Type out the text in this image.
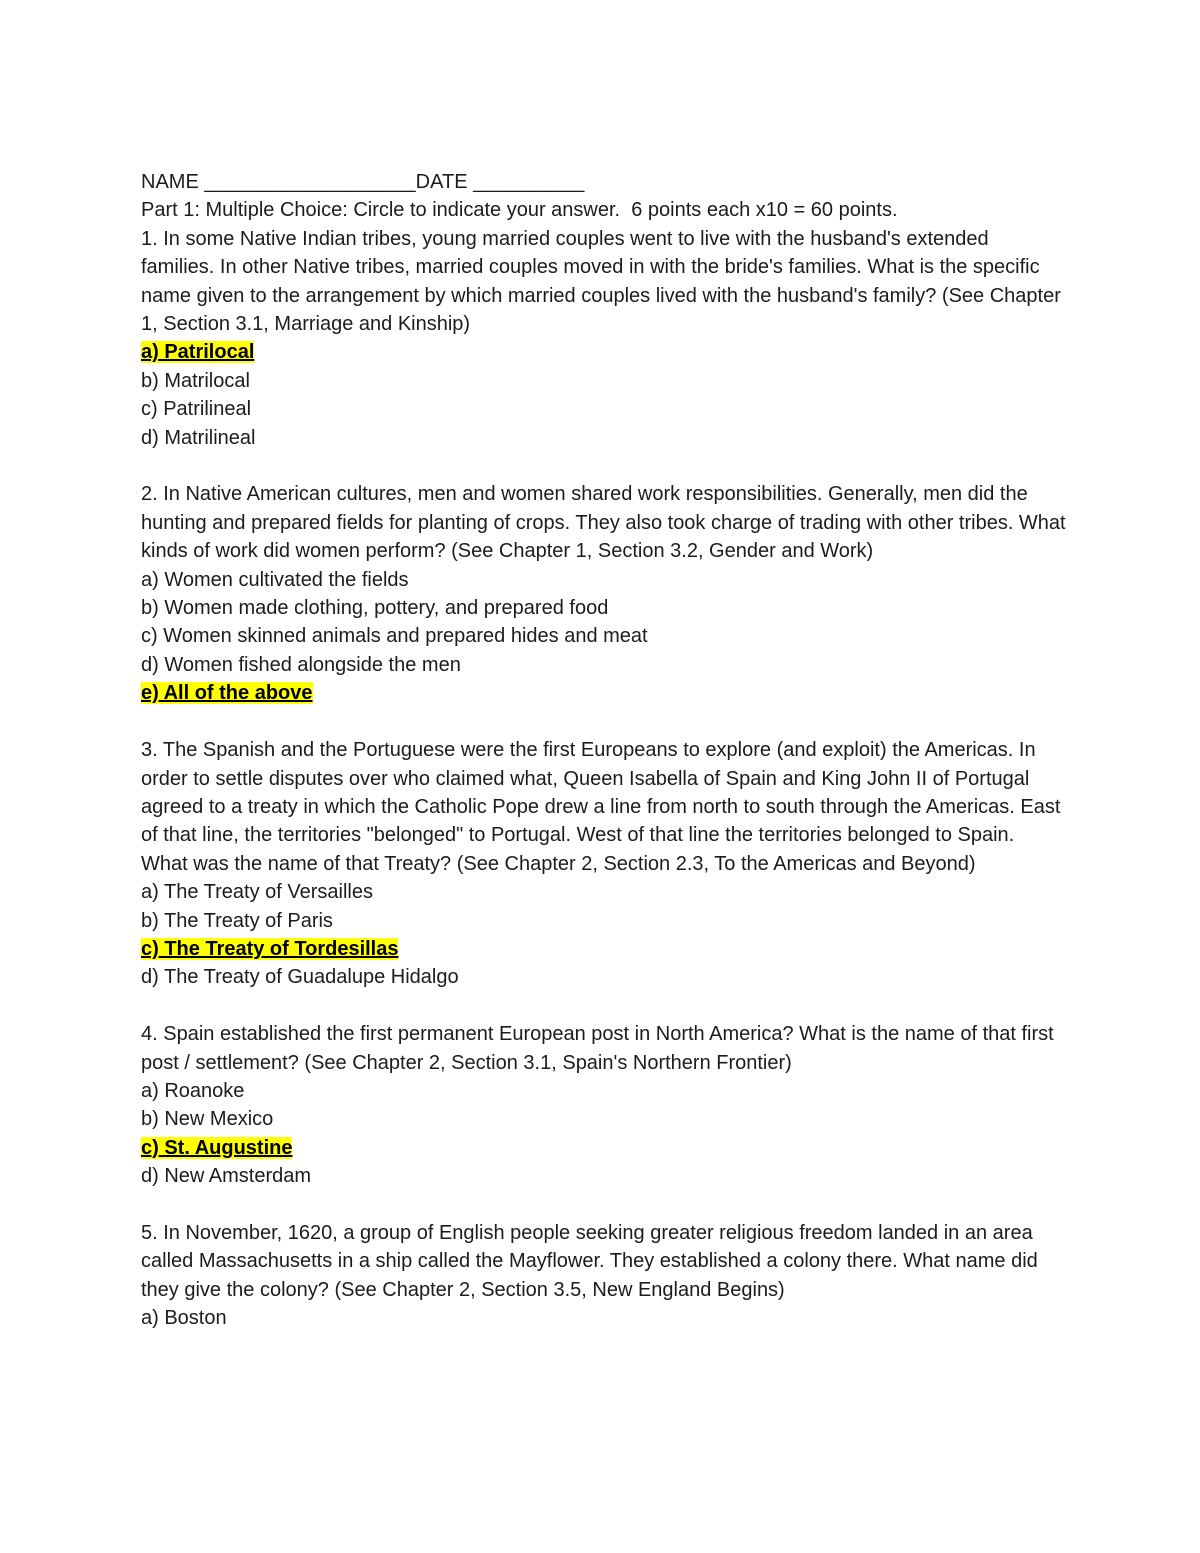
NAME ___________________DATE __________
Part 1: Multiple Choice: Circle to indicate your answer.  6 points each x10 = 60 points.
1. In some Native Indian tribes, young married couples went to live with the husband's extended families. In other Native tribes, married couples moved in with the bride's families. What is the specific name given to the arrangement by which married couples lived with the husband's family? (See Chapter 1, Section 3.1, Marriage and Kinship)
a) Patrilocal
b) Matrilocal
c) Patrilineal
d) Matrilineal
2. In Native American cultures, men and women shared work responsibilities. Generally, men did the hunting and prepared fields for planting of crops. They also took charge of trading with other tribes. What kinds of work did women perform? (See Chapter 1, Section 3.2, Gender and Work)
a) Women cultivated the fields
b) Women made clothing, pottery, and prepared food
c) Women skinned animals and prepared hides and meat
d) Women fished alongside the men
e) All of the above
3. The Spanish and the Portuguese were the first Europeans to explore (and exploit) the Americas. In order to settle disputes over who claimed what, Queen Isabella of Spain and King John II of Portugal agreed to a treaty in which the Catholic Pope drew a line from north to south through the Americas. East of that line, the territories "belonged" to Portugal. West of that line the territories belonged to Spain. What was the name of that Treaty? (See Chapter 2, Section 2.3, To the Americas and Beyond)
a) The Treaty of Versailles
b) The Treaty of Paris
c) The Treaty of Tordesillas
d) The Treaty of Guadalupe Hidalgo
4. Spain established the first permanent European post in North America? What is the name of that first post / settlement? (See Chapter 2, Section 3.1, Spain's Northern Frontier)
a) Roanoke
b) New Mexico
c) St. Augustine
d) New Amsterdam
5. In November, 1620, a group of English people seeking greater religious freedom landed in an area called Massachusetts in a ship called the Mayflower. They established a colony there. What name did they give the colony? (See Chapter 2, Section 3.5, New England Begins)
a) Boston
